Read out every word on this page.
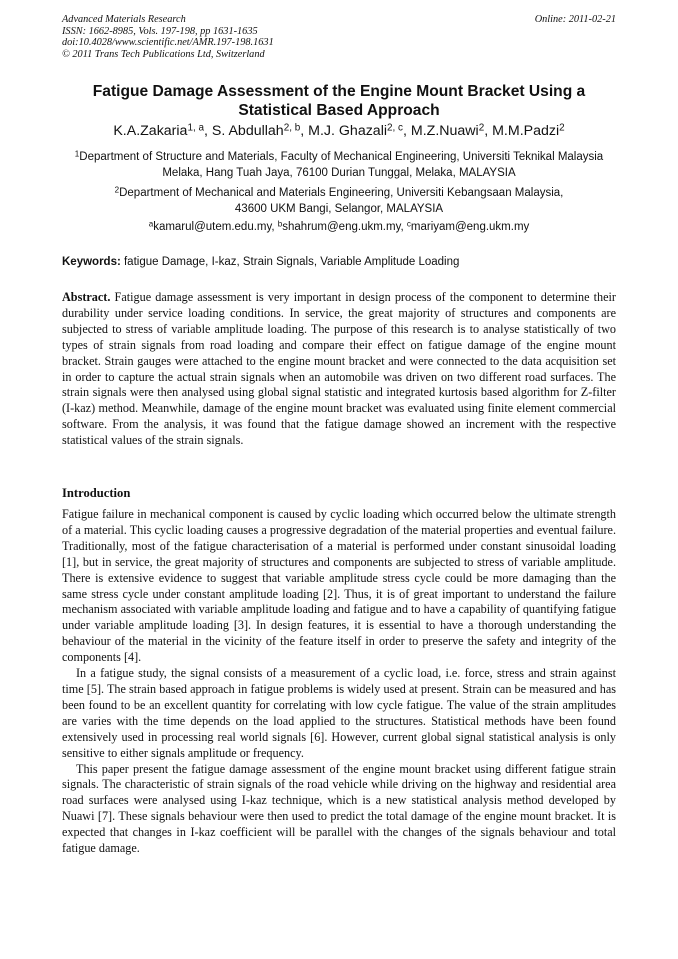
Advanced Materials Research
ISSN: 1662-8985, Vols. 197-198, pp 1631-1635
doi:10.4028/www.scientific.net/AMR.197-198.1631
© 2011 Trans Tech Publications Ltd, Switzerland
Online: 2011-02-21
Fatigue Damage Assessment of the Engine Mount Bracket Using a Statistical Based Approach
K.A.Zakaria$^{1, a}$, S. Abdullah$^{2, b}$, M.J. Ghazali$^{2, c}$, M.Z.Nuawi$^2$, M.M.Padzi$^2$
$^1$Department of Structure and Materials, Faculty of Mechanical Engineering, Universiti Teknikal Malaysia Melaka, Hang Tuah Jaya, 76100 Durian Tunggal, Melaka, MALAYSIA
$^2$Department of Mechanical and Materials Engineering, Universiti Kebangsaan Malaysia, 43600 UKM Bangi, Selangor, MALAYSIA
$^a$kamarul@utem.edu.my, $^b$shahrum@eng.ukm.my, $^c$mariyam@eng.ukm.my
Keywords: fatigue Damage, I-kaz, Strain Signals, Variable Amplitude Loading

Abstract. Fatigue damage assessment is very important in design process of the component to determine their durability under service loading conditions. In service, the great majority of structures and components are subjected to stress of variable amplitude loading. The purpose of this research is to analyse statistically of two types of strain signals from road loading and compare their effect on fatigue damage of the engine mount bracket. Strain gauges were attached to the engine mount bracket and were connected to the data acquisition set in order to capture the actual strain signals when an automobile was driven on two different road surfaces. The strain signals were then analysed using global signal statistic and integrated kurtosis based algorithm for Z-filter (I-kaz) method. Meanwhile, damage of the engine mount bracket was evaluated using finite element commercial software. From the analysis, it was found that the fatigue damage showed an increment with the respective statistical values of the strain signals.

Introduction

Fatigue failure in mechanical component is caused by cyclic loading which occurred below the ultimate strength of a material. This cyclic loading causes a progressive degradation of the material properties and eventual failure. Traditionally, most of the fatigue characterisation of a material is performed under constant sinusoidal loading [1], but in service, the great majority of structures and components are subjected to stress of variable amplitude. There is extensive evidence to suggest that variable amplitude stress cycle could be more damaging than the same stress cycle under constant amplitude loading [2]. Thus, it is of great important to understand the failure mechanism associated with variable amplitude loading and fatigue and to have a capability of quantifying fatigue under variable amplitude loading [3]. In design features, it is essential to have a thorough understanding the behaviour of the material in the vicinity of the feature itself in order to preserve the safety and integrity of the components [4].

In a fatigue study, the signal consists of a measurement of a cyclic load, i.e. force, stress and strain against time [5]. The strain based approach in fatigue problems is widely used at present. Strain can be measured and has been found to be an excellent quantity for correlating with low cycle fatigue. The value of the strain amplitudes are varies with the time depends on the load applied to the structures. Statistical methods have been found extensively used in processing real world signals [6]. However, current global signal statistical analysis is only sensitive to either signals amplitude or frequency.

This paper present the fatigue damage assessment of the engine mount bracket using different fatigue strain signals. The characteristic of strain signals of the road vehicle while driving on the highway and residential area road surfaces were analysed using I-kaz technique, which is a new statistical analysis method developed by Nuawi [7]. These signals behaviour were then used to predict the total damage of the engine mount bracket. It is expected that changes in I-kaz coefficient will be parallel with the changes of the signals behaviour and total fatigue damage.
